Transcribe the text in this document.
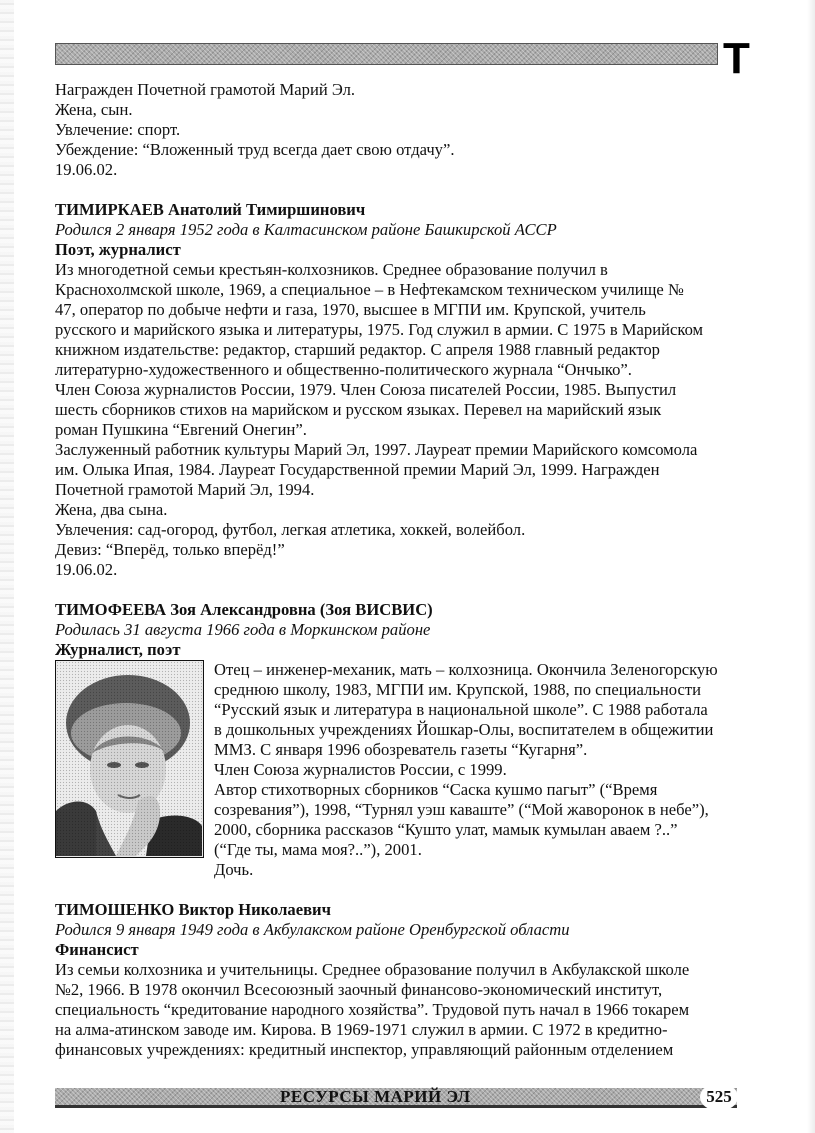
Т
Награжден Почетной грамотой Марий Эл.
Жена, сын.
Увлечение: спорт.
Убеждение: “Вложенный труд всегда дает свою отдачу”.
19.06.02.
ТИМИРКАЕВ Анатолий Тимиршинович
Родился 2 января 1952 года в Калтасинском районе Башкирской АССР
Поэт, журналист
Из многодетной семьи крестьян-колхозников. Среднее образование получил в
Краснохолмской школе, 1969, а специальное – в Нефтекамском техническом училище №
47, оператор по добыче нефти и газа, 1970, высшее в МГПИ им. Крупской, учитель
русского и марийского языка и литературы, 1975. Год служил в армии. С 1975 в Марийском
книжном издательстве: редактор, старший редактор. С апреля 1988 главный редактор
литературно-художественного и общественно-политического журнала “Ончыко”.
Член Союза журналистов России, 1979. Член Союза писателей России, 1985. Выпустил
шесть сборников стихов на марийском и русском языках. Перевел на марийский язык
роман Пушкина “Евгений Онегин”.
Заслуженный работник культуры Марий Эл, 1997. Лауреат премии Марийского комсомола
им. Олыка Ипая, 1984. Лауреат Государственной премии Марий Эл, 1999. Награжден
Почетной грамотой Марий Эл, 1994.
Жена, два сына.
Увлечения: сад-огород, футбол, легкая атлетика, хоккей, волейбол.
Девиз: “Вперёд, только вперёд!”
19.06.02.
ТИМОФЕЕВА Зоя Александровна (Зоя ВИСВИС)
Родилась 31 августа 1966 года в Моркинском районе
Журналист, поэт
Отец – инженер-механик, мать – колхозница. Окончила Зеленогорскую
среднюю школу, 1983, МГПИ им. Крупской, 1988, по специальности
“Русский язык и литература в национальной школе”. С 1988 работала
в дошкольных учреждениях Йошкар-Олы, воспитателем в общежитии
ММЗ. С января 1996 обозреватель газеты “Кугарня”.
Член Союза журналистов России, с 1999.
Автор стихотворных сборников “Саска кушмо пагыт” (“Время
созревания”), 1998, “Турнял уэш каваште” (“Мой жаворонок в небе”),
2000, сборника рассказов “Кушто улат, мамык кумылан аваем ?..”
(“Где ты, мама моя?..”), 2001.
Дочь.
ТИМОШЕНКО Виктор Николаевич
Родился 9 января 1949 года в Акбулакском районе Оренбургской области
Финансист
Из семьи колхозника и учительницы. Среднее образование получил в Акбулакской школе
№2, 1966. В 1978 окончил Всесоюзный заочный финансово-экономический институт,
специальность “кредитование народного хозяйства”. Трудовой путь начал в 1966 токарем
на алма-атинском заводе им. Кирова. В 1969-1971 служил в армии. С 1972 в кредитно-
финансовых учреждениях: кредитный инспектор, управляющий районным отделением
РЕСУРСЫ МАРИЙ ЭЛ	525
